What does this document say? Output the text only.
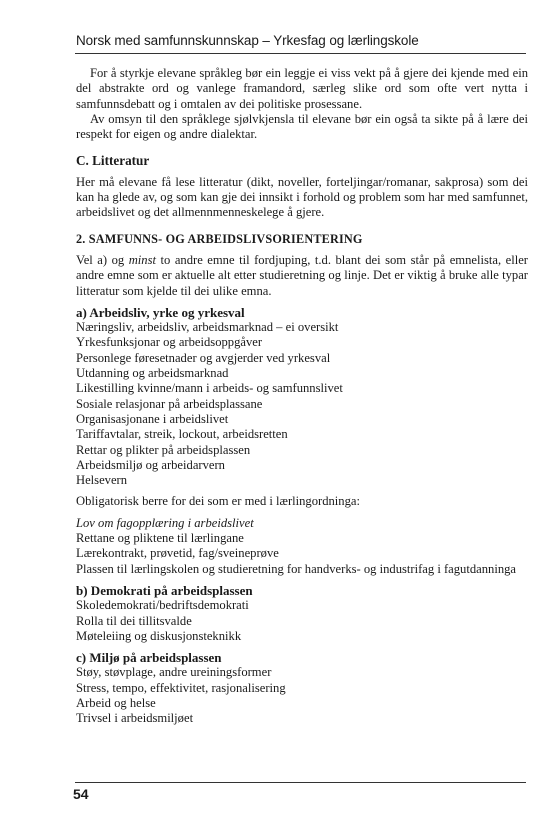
Norsk med samfunnskunnskap – Yrkesfag og lærlingskole

For å styrkje elevane språkleg bør ein leggje ei viss vekt på å gjere dei kjende med ein del abstrakte ord og vanlege framandord, særleg slike ord som ofte vert nytta i samfunnsdebatt og i omtalen av dei politiske prosessane.

Av omsyn til den språklege sjølvkjensla til elevane bør ein også ta sikte på å lære dei respekt for eigen og andre dialektar.

C. Litteratur

Her må elevane få lese litteratur (dikt, noveller, forteljingar/romanar, sakprosa) som dei kan ha glede av, og som kan gje dei innsikt i forhold og problem som har med samfunnet, arbeidslivet og det allmennmenneskelege å gjere.

2. SAMFUNNS- OG ARBEIDSLIVSORIENTERING

Vel a) og minst to andre emne til fordjuping, t.d. blant dei som står på emnelista, eller andre emne som er aktuelle alt etter studieretning og linje. Det er viktig å bruke alle typar litteratur som kjelde til dei ulike emna.

a) Arbeidsliv, yrke og yrkesval

Næringsliv, arbeidsliv, arbeidsmarknad – ei oversikt
Yrkesfunksjonar og arbeidsoppgåver
Personlege føresetnader og avgjerder ved yrkesval
Utdanning og arbeidsmarknad
Likestilling kvinne/mann i arbeids- og samfunnslivet
Sosiale relasjonar på arbeidsplassane
Organisasjonane i arbeidslivet
Tariffavtalar, streik, lockout, arbeidsretten
Rettar og plikter på arbeidsplassen
Arbeidsmiljø og arbeidarvern
Helsevern

Obligatorisk berre for dei som er med i lærlingordninga:

Lov om fagopplæring i arbeidslivet

Rettane og pliktene til lærlingane
Lærekontrakt, prøvetid, fag/sveineprøve
Plassen til lærlingskolen og studieretning for handverks- og industrifag i fagutdanninga

b) Demokrati på arbeidsplassen

Skoledemokrati/bedriftsdemokrati
Rolla til dei tillitsvalde
Møteleiing og diskusjonsteknikk

c) Miljø på arbeidsplassen

Støy, støvplage, andre ureiningsformer
Stress, tempo, effektivitet, rasjonalisering
Arbeid og helse
Trivsel i arbeidsmiljøet
54
